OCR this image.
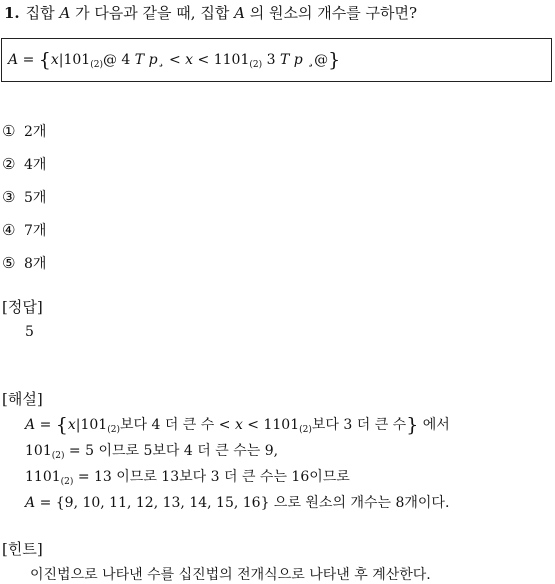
1. 집합 A 가 다음과 같을 때, 집합 A 의 원소의 개수를 구하면?
$A = \{x|101_{(2)}@$ 4 T p¸ < $x < 1101_{(2)}$ 3 T p ¸@}
① 2개
② 4개
③ 5개
④ 7개
⑤ 8개
[정답]
5
[해설]
$A = \{x|101_{(2)}$보다 4 더 큰 수 < $x < 1101_{(2)}$보다 3 더 큰 수} 에서
$101_{(2)} = 5$ 이므로 5보다 4 더 큰 수는 9,
$1101_{(2)} = 13$ 이므로 13보다 3 더 큰 수는 16이므로
A = {9, 10, 11, 12, 13, 14, 15, 16} 으로 원소의 개수는 8개이다.
[힌트]
이진법으로 나타낸 수를 십진법의 전개식으로 나타낸 후 계산한다.
